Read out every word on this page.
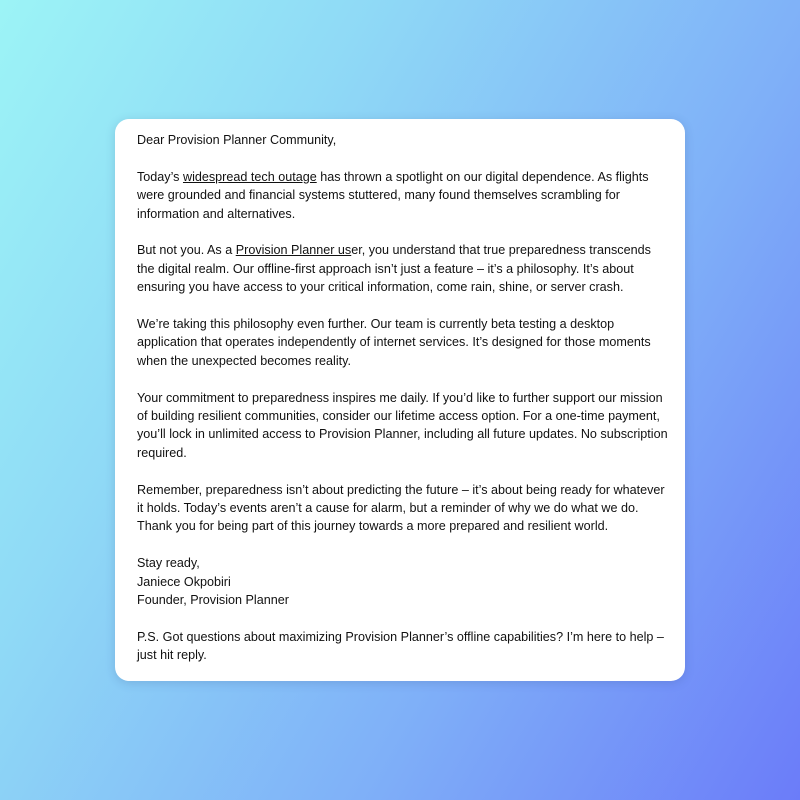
Dear Provision Planner Community,

Today’s widespread tech outage has thrown a spotlight on our digital dependence. As flights were grounded and financial systems stuttered, many found themselves scrambling for information and alternatives.

But not you. As a Provision Planner user, you understand that true preparedness transcends the digital realm. Our offline-first approach isn’t just a feature – it’s a philosophy. It’s about ensuring you have access to your critical information, come rain, shine, or server crash.

We’re taking this philosophy even further. Our team is currently beta testing a desktop application that operates independently of internet services. It’s designed for those moments when the unexpected becomes reality.

Your commitment to preparedness inspires me daily. If you’d like to further support our mission of building resilient communities, consider our lifetime access option. For a one-time payment, you’ll lock in unlimited access to Provision Planner, including all future updates. No subscription required.

Remember, preparedness isn’t about predicting the future – it’s about being ready for whatever it holds. Today’s events aren’t a cause for alarm, but a reminder of why we do what we do.
Thank you for being part of this journey towards a more prepared and resilient world.

Stay ready,
Janiece Okpobiri
Founder, Provision Planner

P.S. Got questions about maximizing Provision Planner’s offline capabilities? I’m here to help – just hit reply.
